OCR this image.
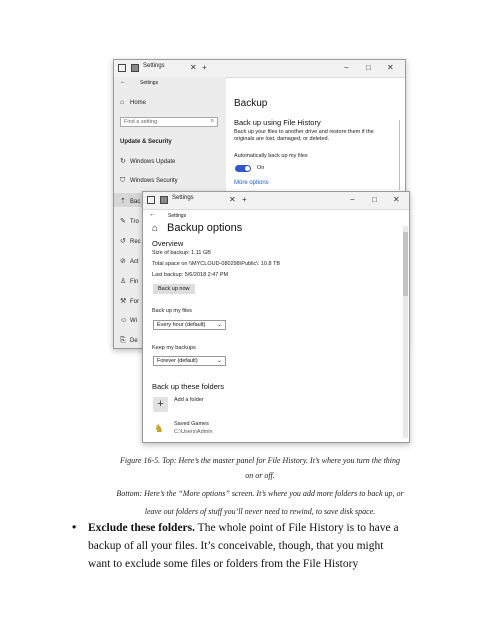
Settings	✕ +	− □ ✕
←	Settings
⌂ Home
Find a setting	⌕
Update & Security
↻ Windows Update
⛉ Windows Security
⇡ Bac
✎ Tro
↺ Rec
⊘ Act
♙ Fin
⚒ For
☺ Wi
⎘ De
Backup
Back up using File History
Back up your files to another drive and restore them if the originals are lost, damaged, or deleted.
Automatically back up my files
On
More options
Settings	✕ +	− □ ✕
← Settings
⌂ Backup options
Overview
Size of backup: 1.11 GB
Total space on \\MYCLOUD-080298\Public\: 10.8 TB
Last backup: 5/6/2018 2:47 PM
Back up now
Back up my files
Every hour (default) ⌄
Keep my backups
Forever (default)	⌄
Back up these folders
+	Add a folder
♞ Saved Games
C:\Users\Admin
Figure 16-5. Top: Here’s the master panel for File History. It’s where you turn the thing
on or off.
Bottom: Here’s the “More options” screen. It’s where you add more folders to back up, or
leave out folders of stuff you’ll never need to rewind, to save disk space.
• Exclude these folders. The whole point of File History is to have a
backup of all your files. It’s conceivable, though, that you might
want to exclude some files or folders from the File History
